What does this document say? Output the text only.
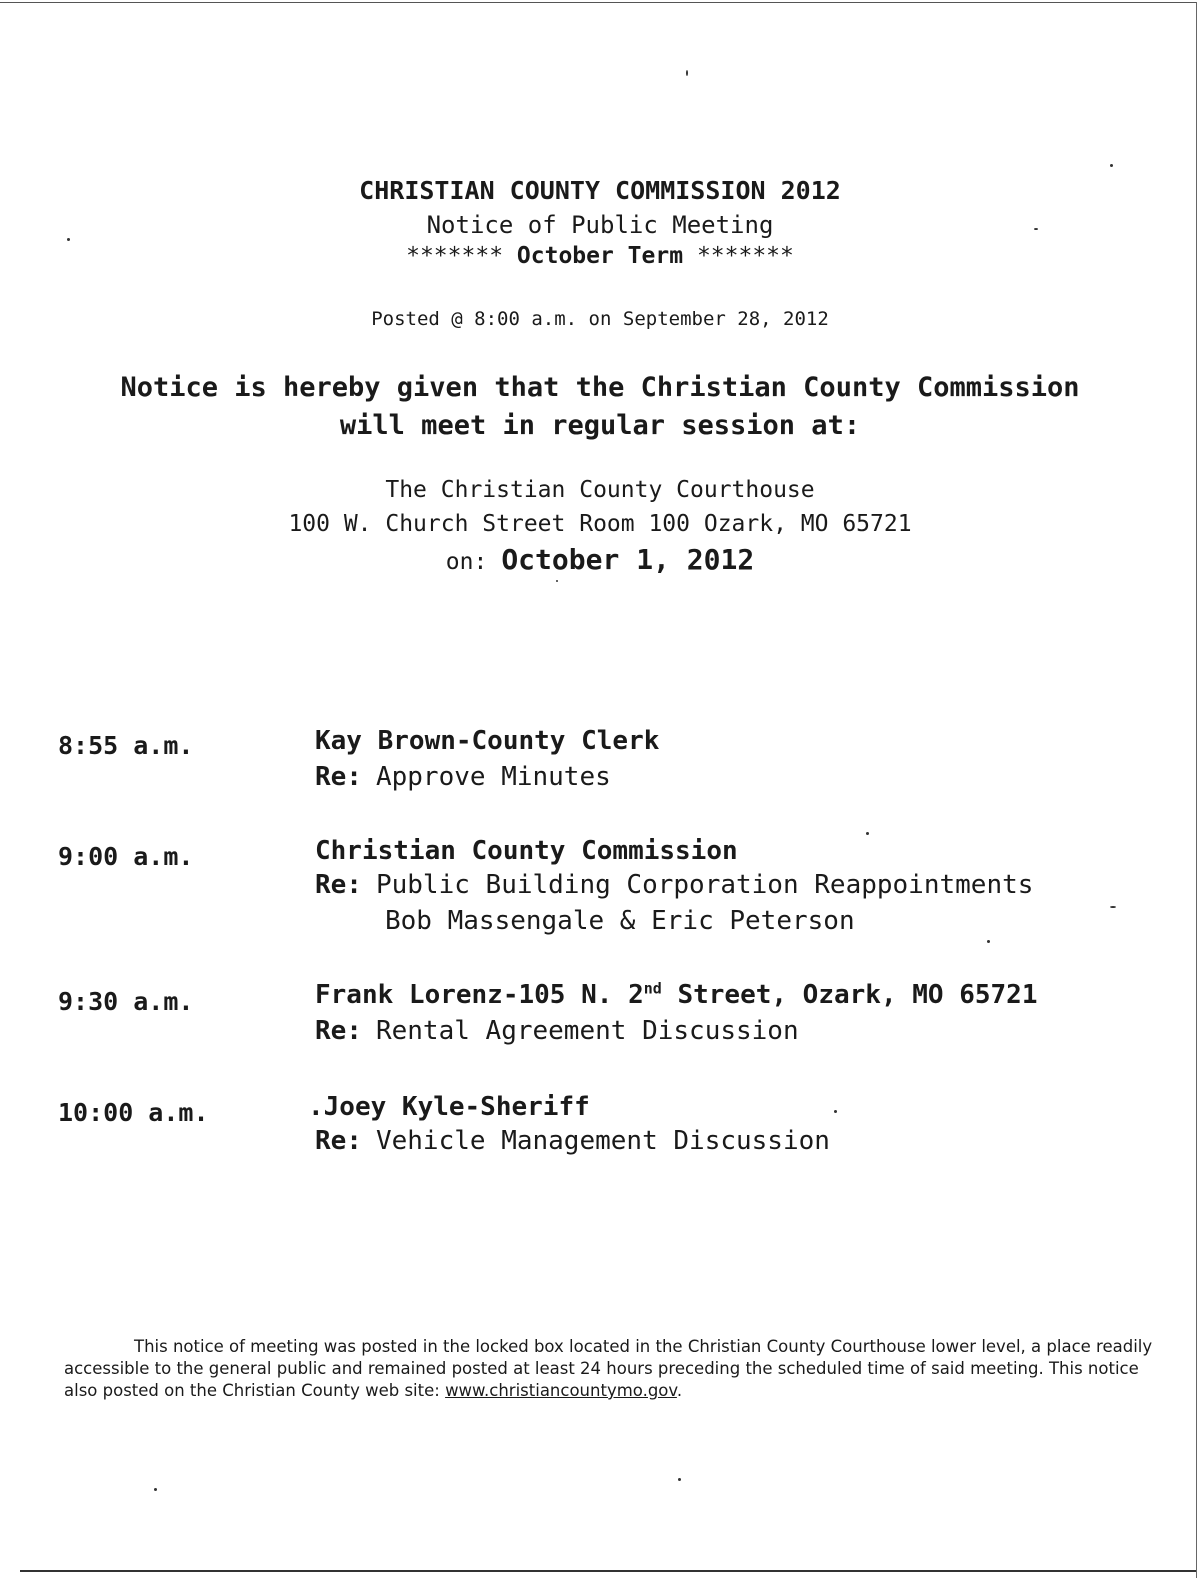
CHRISTIAN COUNTY COMMISSION 2012
Notice of Public Meeting
******* October Term *******
Posted @ 8:00 a.m. on September 28, 2012
Notice is hereby given that the Christian County Commission
will meet in regular session at:
The Christian County Courthouse
100 W. Church Street Room 100 Ozark, MO 65721
on: October 1, 2012
8:55 a.m.	Kay Brown-County Clerk
Re: Approve Minutes
9:00 a.m.	Christian County Commission
Re: Public Building Corporation Reappointments
Bob Massengale & Eric Peterson
9:30 a.m.	Frank Lorenz-105 N. 2nd Street, Ozark, MO 65721
Re: Rental Agreement Discussion
10:00 a.m.	.Joey Kyle-Sheriff
Re: Vehicle Management Discussion
This notice of meeting was posted in the locked box located in the Christian County Courthouse lower level, a place readily accessible to the general public and remained posted at least 24 hours preceding the scheduled time of said meeting. This notice also posted on the Christian County web site: www.christiancountymo.gov.
